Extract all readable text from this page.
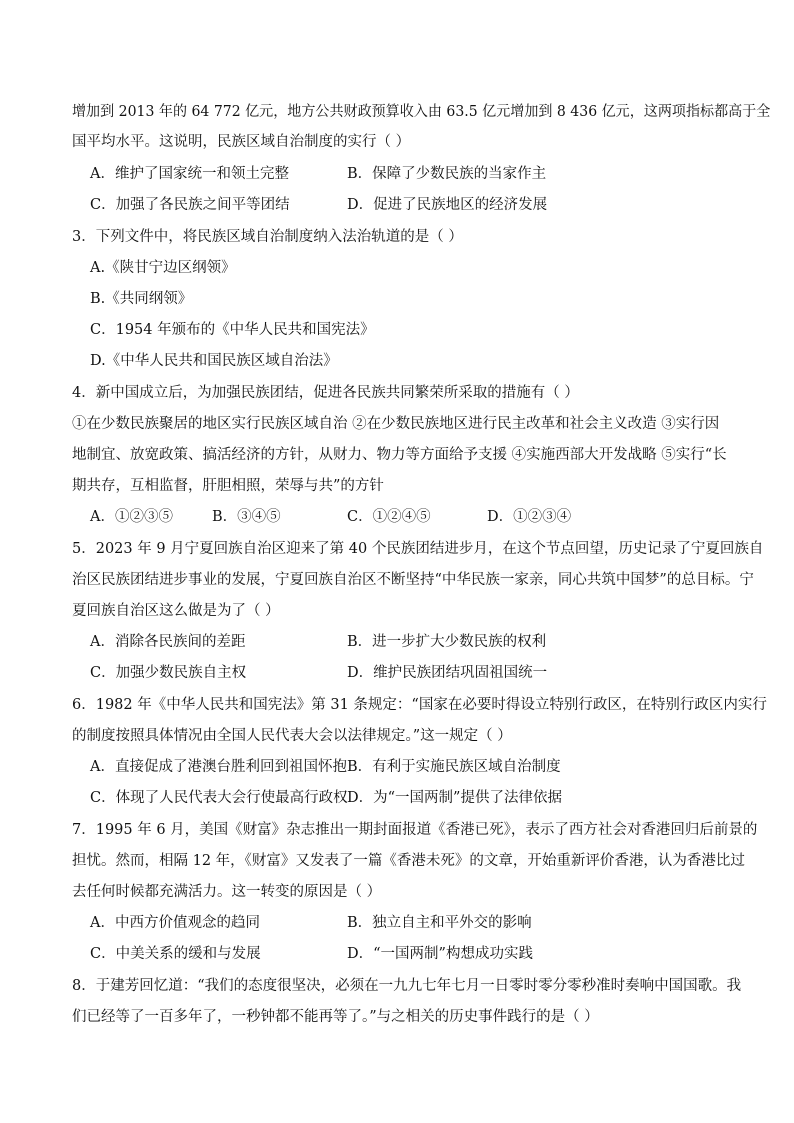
增加到 2013 年的 64 772 亿元，地方公共财政预算收入由 63.5 亿元增加到 8 436 亿元，这两项指标都高于全
国平均水平。这说明，民族区域自治制度的实行（ ）
A．维护了国家统一和领土完整	B．保障了少数民族的当家作主
C．加强了各民族之间平等团结	D．促进了民族地区的经济发展
3．下列文件中，将民族区域自治制度纳入法治轨道的是（ ）
A.《陕甘宁边区纲领》
B.《共同纲领》
C．1954 年颁布的《中华人民共和国宪法》
D.《中华人民共和国民族区域自治法》
4．新中国成立后，为加强民族团结，促进各民族共同繁荣所采取的措施有（ ）
①在少数民族聚居的地区实行民族区域自治 ②在少数民族地区进行民主改革和社会主义改造 ③实行因
地制宜、放宽政策、搞活经济的方针，从财力、物力等方面给予支援 ④实施西部大开发战略 ⑤实行“长
期共存，互相监督，肝胆相照，荣辱与共”的方针
A．①②③⑤	B．③④⑤	C．①②④⑤	D．①②③④
5．2023 年 9 月宁夏回族自治区迎来了第 40 个民族团结进步月，在这个节点回望，历史记录了宁夏回族自
治区民族团结进步事业的发展，宁夏回族自治区不断坚持“中华民族一家亲，同心共筑中国梦”的总目标。宁
夏回族自治区这么做是为了（ ）
A．消除各民族间的差距	B．进一步扩大少数民族的权利
C．加强少数民族自主权	D．维护民族团结巩固祖国统一
6．1982 年《中华人民共和国宪法》第 31 条规定：“国家在必要时得设立特别行政区，在特别行政区内实行
的制度按照具体情况由全国人民代表大会以法律规定。”这一规定（ ）
A．直接促成了港澳台胜利回到祖国怀抱 B．有利于实施民族区域自治制度
C．体现了人民代表大会行使最高行政权 D．为“一国两制”提供了法律依据
7．1995 年 6 月，美国《财富》杂志推出一期封面报道《香港已死》，表示了西方社会对香港回归后前景的
担忧。然而，相隔 12 年，《财富》又发表了一篇《香港未死》的文章，开始重新评价香港，认为香港比过
去任何时候都充满活力。这一转变的原因是（ ）
A．中西方价值观念的趋同	B．独立自主和平外交的影响
C．中美关系的缓和与发展	D．“一国两制”构想成功实践
8．于建芳回忆道：“我们的态度很坚决，必须在一九九七年七月一日零时零分零秒准时奏响中国国歌。我
们已经等了一百多年了，一秒钟都不能再等了。”与之相关的历史事件践行的是（ ）
